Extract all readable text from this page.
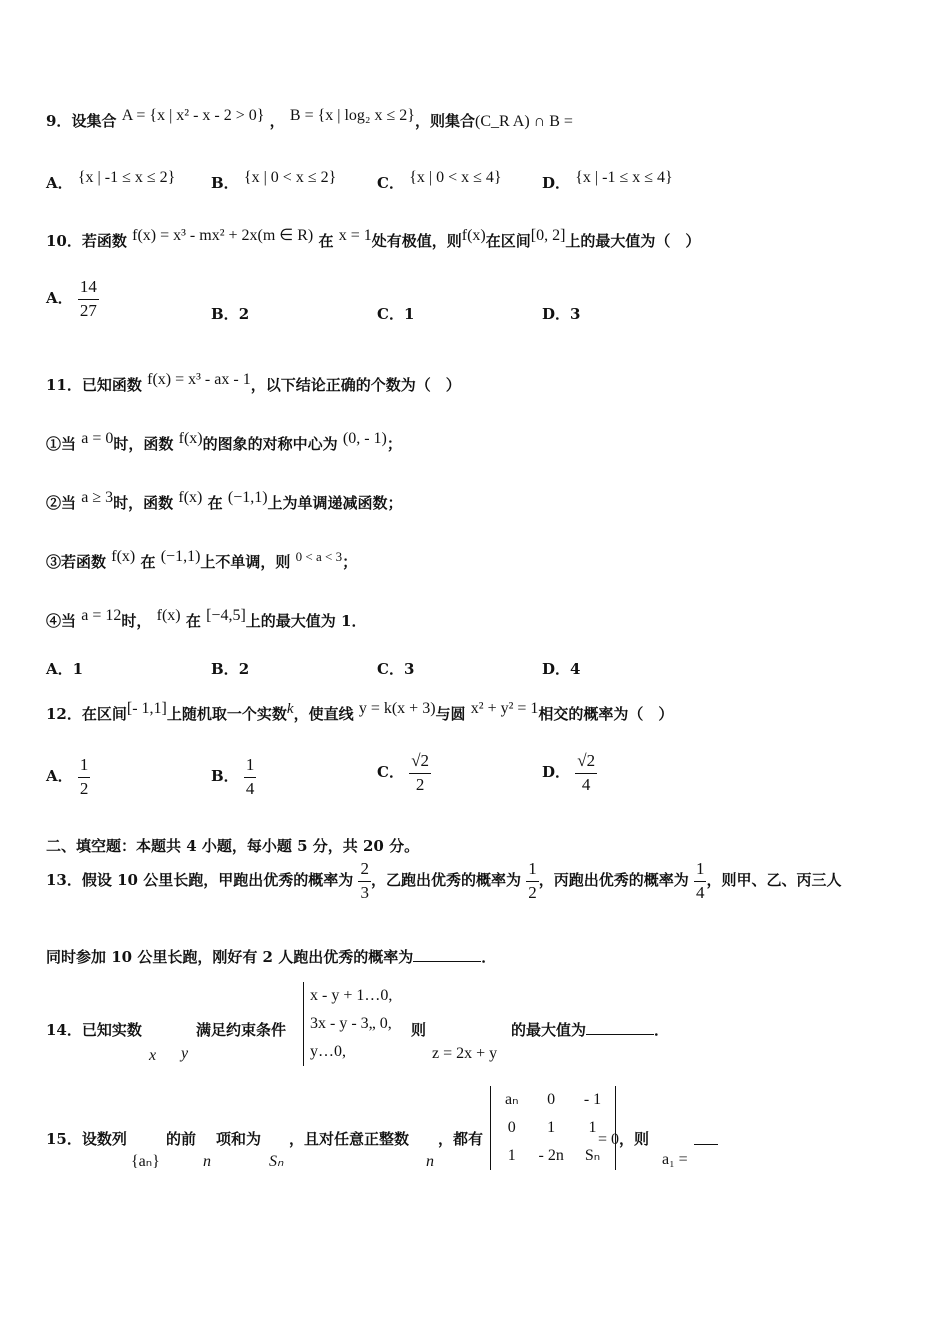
9．设集合 A = {x | x² - x - 2 > 0} ， B = {x | log₂ x ≤ 2}，则集合(C_R A) ∩ B =
A． {x | -1 ≤ x ≤ 2} B． {x | 0 < x ≤ 2}	C． {x | 0 < x ≤ 4}	D． {x | -1 ≤ x ≤ 4}
10．若函数 f(x) = x³ - mx² + 2x(m ∈ R) 在 x = 1处有极值，则f(x)在区间[0, 2]上的最大值为（　）
A． $\frac{14}{27}$	B．2	C．1	D．3
11．已知函数 f(x) = x³ - ax - 1，以下结论正确的个数为（　）
①当 a = 0时，函数 f(x)的图象的对称中心为 (0, - 1)；
②当 a ≥ 3时，函数 f(x) 在 (−1,1)上为单调递减函数；
③若函数 f(x) 在 (−1,1)上不单调，则 0 < a < 3；
④当 a = 12时， f(x) 在 [−4,5]上的最大值为 1．
A．1	B．2	C．3	D．4
12．在区间[- 1,1]上随机取一个实数k，使直线 y = k(x + 3)与圆 x² + y² = 1相交的概率为（　）
A． $\frac{1}{2}$	B． $\frac{1}{4}$	C． $\frac{√2}{2}$	D． $\frac{√2}{4}$
二、填空题：本题共 4 小题，每小题 5 分，共 20 分。
13．假设 10 公里长跑，甲跑出优秀的概率为 $\frac{2}{3}$ ，乙跑出优秀的概率为 $\frac{1}{2}$ ，丙跑出优秀的概率为 $\frac{1}{4}$ ，则甲、乙、丙三人
同时参加 10 公里长跑，刚好有 2 人跑出优秀的概率为	．
14．已知实数
x y
满足约束条件
x - y + 1…0,
3x - y - 3„ 0,
y…0,
则
z = 2x + y
的最大值为	．
15．设数列
{aₙ}
的前
n
项和为
Sₙ
，且对任意正整数
n
，都有
aₙ	0	- 1
0	1	1
1	- 2n	Sₙ
= 0，则
a₁ =
